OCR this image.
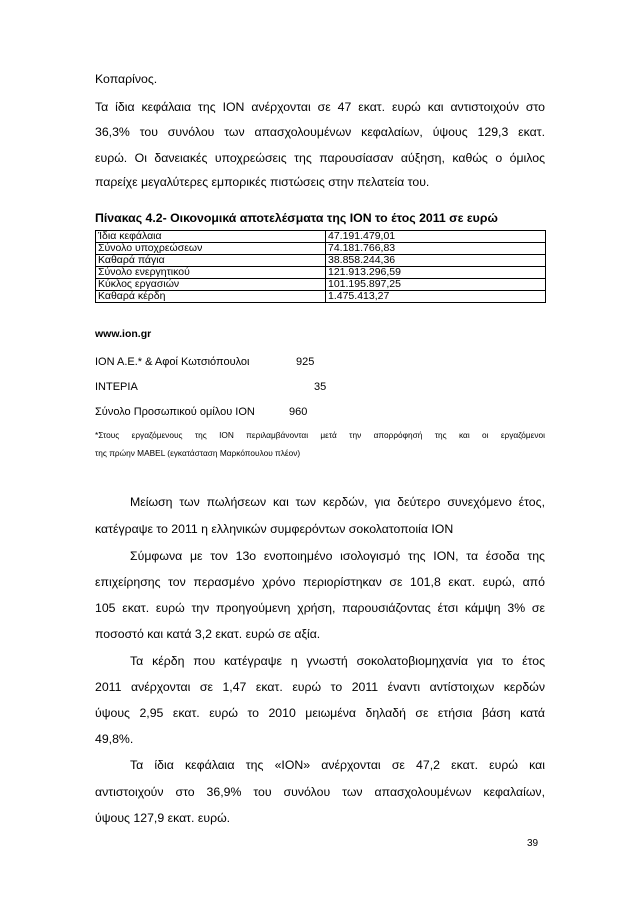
Κοπαρίνος.
Τα ίδια κεφάλαια της ΙΟΝ ανέρχονται σε 47 εκατ. ευρώ και αντιστοιχούν στο
36,3% του συνόλου των απασχολουμένων κεφαλαίων, ύψους 129,3 εκατ.
ευρώ. Οι δανειακές υποχρεώσεις της παρουσίασαν αύξηση, καθώς ο όμιλος
παρείχε μεγαλύτερες εμπορικές πιστώσεις στην πελατεία του.
Πίνακας 4.2- Οικονομικά αποτελέσματα της ΙΟΝ το έτος 2011 σε ευρώ
Ίδια κεφάλαια	47.191.479,01
Σύνολο υποχρεώσεων	74.181.766,83
Καθαρά πάγια	38.858.244,36
Σύνολο ενεργητικού	121.913.296,59
Κύκλος εργασιών	101.195.897,25
Καθαρά κέρδη	1.475.413,27
www.ion.gr
ΙΟΝ Α.Ε.* & Αφοί Κωτσιόπουλοι	925
ΙΝΤΕΡΙΑ	35
Σύνολο Προσωπικού ομίλου ΙΟΝ	960
*Στους εργαζόμενους της ΙΟΝ περιλαμβάνονται μετά την απορρόφησή της και οι εργαζόμενοι
της πρώην MABEL (εγκατάσταση Μαρκόπουλου πλέον)
Μείωση των πωλήσεων και των κερδών, για δεύτερο συνεχόμενο έτος,
κατέγραψε το 2011 η ελληνικών συμφερόντων σοκολατοποιία ΙΟΝ
Σύμφωνα με τον 13ο ενοποιημένο ισολογισμό της ΙΟΝ, τα έσοδα της
επιχείρησης τον περασμένο χρόνο περιορίστηκαν σε 101,8 εκατ. ευρώ, από
105 εκατ. ευρώ την προηγούμενη χρήση, παρουσιάζοντας έτσι κάμψη 3% σε
ποσοστό και κατά 3,2 εκατ. ευρώ σε αξία.
Τα κέρδη που κατέγραψε η γνωστή σοκολατοβιομηχανία για το έτος
2011 ανέρχονται σε 1,47 εκατ. ευρώ το 2011 έναντι αντίστοιχων κερδών
ύψους 2,95 εκατ. ευρώ το 2010 μειωμένα δηλαδή σε ετήσια βάση κατά
49,8%.
Τα ίδια κεφάλαια της «ΙΟΝ» ανέρχονται σε 47,2 εκατ. ευρώ και
αντιστοιχούν στο 36,9% του συνόλου των απασχολουμένων κεφαλαίων,
ύψους 127,9 εκατ. ευρώ.
39
